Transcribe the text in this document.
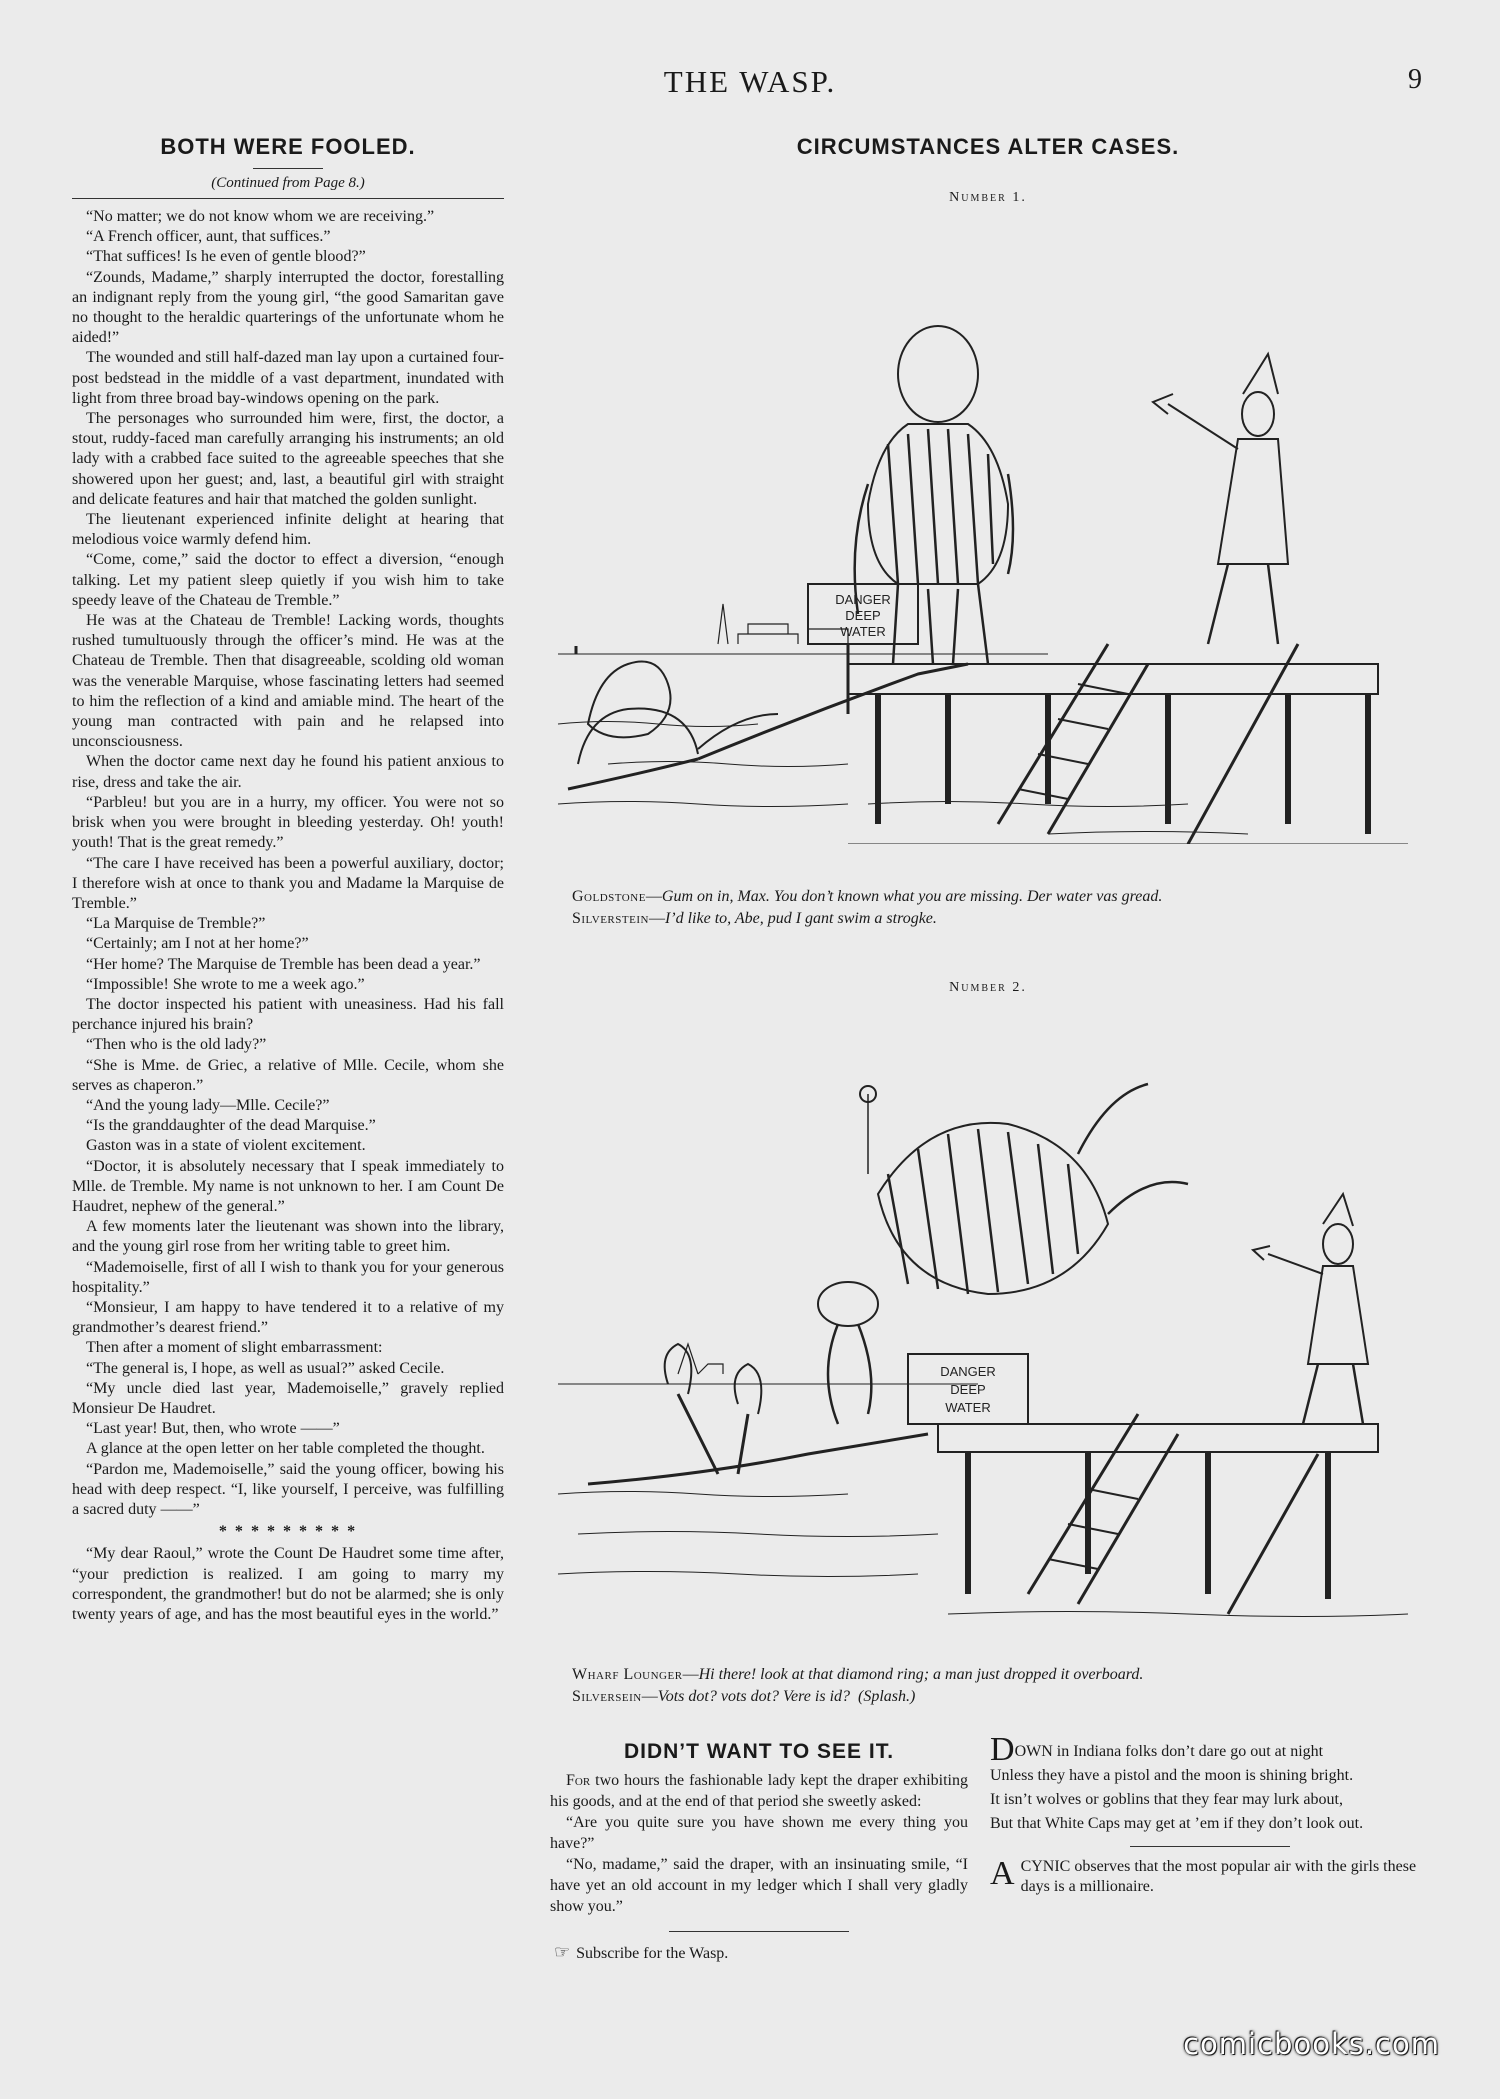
THE WASP.	9
BOTH WERE FOOLED.

(Continued from Page 8.)

“No matter; we do not know whom we are receiving.”

“A French officer, aunt, that suffices.”

“That suffices! Is he even of gentle blood?”

“Zounds, Madame,” sharply interrupted the doctor, forestalling an indignant reply from the young girl, “the good Samaritan gave no thought to the heraldic quarterings of the unfortunate whom he aided!”

The wounded and still half-dazed man lay upon a curtained four-post bedstead in the middle of a vast department, inundated with light from three broad bay-windows opening on the park.

The personages who surrounded him were, first, the doctor, a stout, ruddy-faced man carefully arranging his instruments; an old lady with a crabbed face suited to the agreeable speeches that she showered upon her guest; and, last, a beautiful girl with straight and delicate features and hair that matched the golden sunlight.

The lieutenant experienced infinite delight at hearing that melodious voice warmly defend him.

“Come, come,” said the doctor to effect a diversion, “enough talking. Let my patient sleep quietly if you wish him to take speedy leave of the Chateau de Tremble.”

He was at the Chateau de Tremble! Lacking words, thoughts rushed tumultuously through the officer’s mind. He was at the Chateau de Tremble. Then that disagreeable, scolding old woman was the venerable Marquise, whose fascinating letters had seemed to him the reflection of a kind and amiable mind. The heart of the young man contracted with pain and he relapsed into unconsciousness.

When the doctor came next day he found his patient anxious to rise, dress and take the air.

“Parbleu! but you are in a hurry, my officer. You were not so brisk when you were brought in bleeding yesterday. Oh! youth! youth! That is the great remedy.”

“The care I have received has been a powerful auxiliary, doctor; I therefore wish at once to thank you and Madame la Marquise de Tremble.”

“La Marquise de Tremble?”

“Certainly; am I not at her home?”

“Her home? The Marquise de Tremble has been dead a year.”

“Impossible! She wrote to me a week ago.”

The doctor inspected his patient with uneasiness. Had his fall perchance injured his brain?

“Then who is the old lady?”

“She is Mme. de Griec, a relative of Mlle. Cecile, whom she serves as chaperon.”

“And the young lady—Mlle. Cecile?”

“Is the granddaughter of the dead Marquise.”

Gaston was in a state of violent excitement.

“Doctor, it is absolutely necessary that I speak immediately to Mlle. de Tremble. My name is not unknown to her. I am Count De Haudret, nephew of the general.”

A few moments later the lieutenant was shown into the library, and the young girl rose from her writing table to greet him.

“Mademoiselle, first of all I wish to thank you for your generous hospitality.”

“Monsieur, I am happy to have tendered it to a relative of my grandmother’s dearest friend.”

Then after a moment of slight embarrassment:

“The general is, I hope, as well as usual?” asked Cecile.

“My uncle died last year, Mademoiselle,” gravely replied Monsieur De Haudret.

“Last year! But, then, who wrote ——”

A glance at the open letter on her table completed the thought.

“Pardon me, Mademoiselle,” said the young officer, bowing his head with deep respect. “I, like yourself, I perceive, was fulfilling a sacred duty ——”

* * * * * * * * *

“My dear Raoul,” wrote the Count De Haudret some time after, “your prediction is realized. I am going to marry my correspondent, the grandmother! but do not be alarmed; she is only twenty years of age, and has the most beautiful eyes in the world.”

CIRCUMSTANCES ALTER CASES.
Number 1.
DANGER
DEEP
WATER
Goldstone—Gum on in, Max. You don’t known what you are missing. Der water vas gread.
Silverstein—I’d like to, Abe, pud I gant swim a strogke.
Number 2.
DANGER
DEEP
WATER
Wharf Lounger—Hi there! look at that diamond ring; a man just dropped it overboard.
Silversein—Vots dot? vots dot? Vere is id? (Splash.)
DIDN’T WANT TO SEE IT.

For two hours the fashionable lady kept the draper exhibiting his goods, and at the end of that period she sweetly asked:

“Are you quite sure you have shown me every thing you have?”

“No, madame,” said the draper, with an insinuating smile, “I have yet an old account in my ledger which I shall very gladly show you.”

☞ Subscribe for the Wasp.

DOWN in Indiana folks don’t dare go out at night

Unless they have a pistol and the moon is shining bright.

It isn’t wolves or goblins that they fear may lurk about,

But that White Caps may get at ’em if they don’t look out.

A CYNIC observes that the most popular air with the girls these days is a millionaire.
comicbooks.com
